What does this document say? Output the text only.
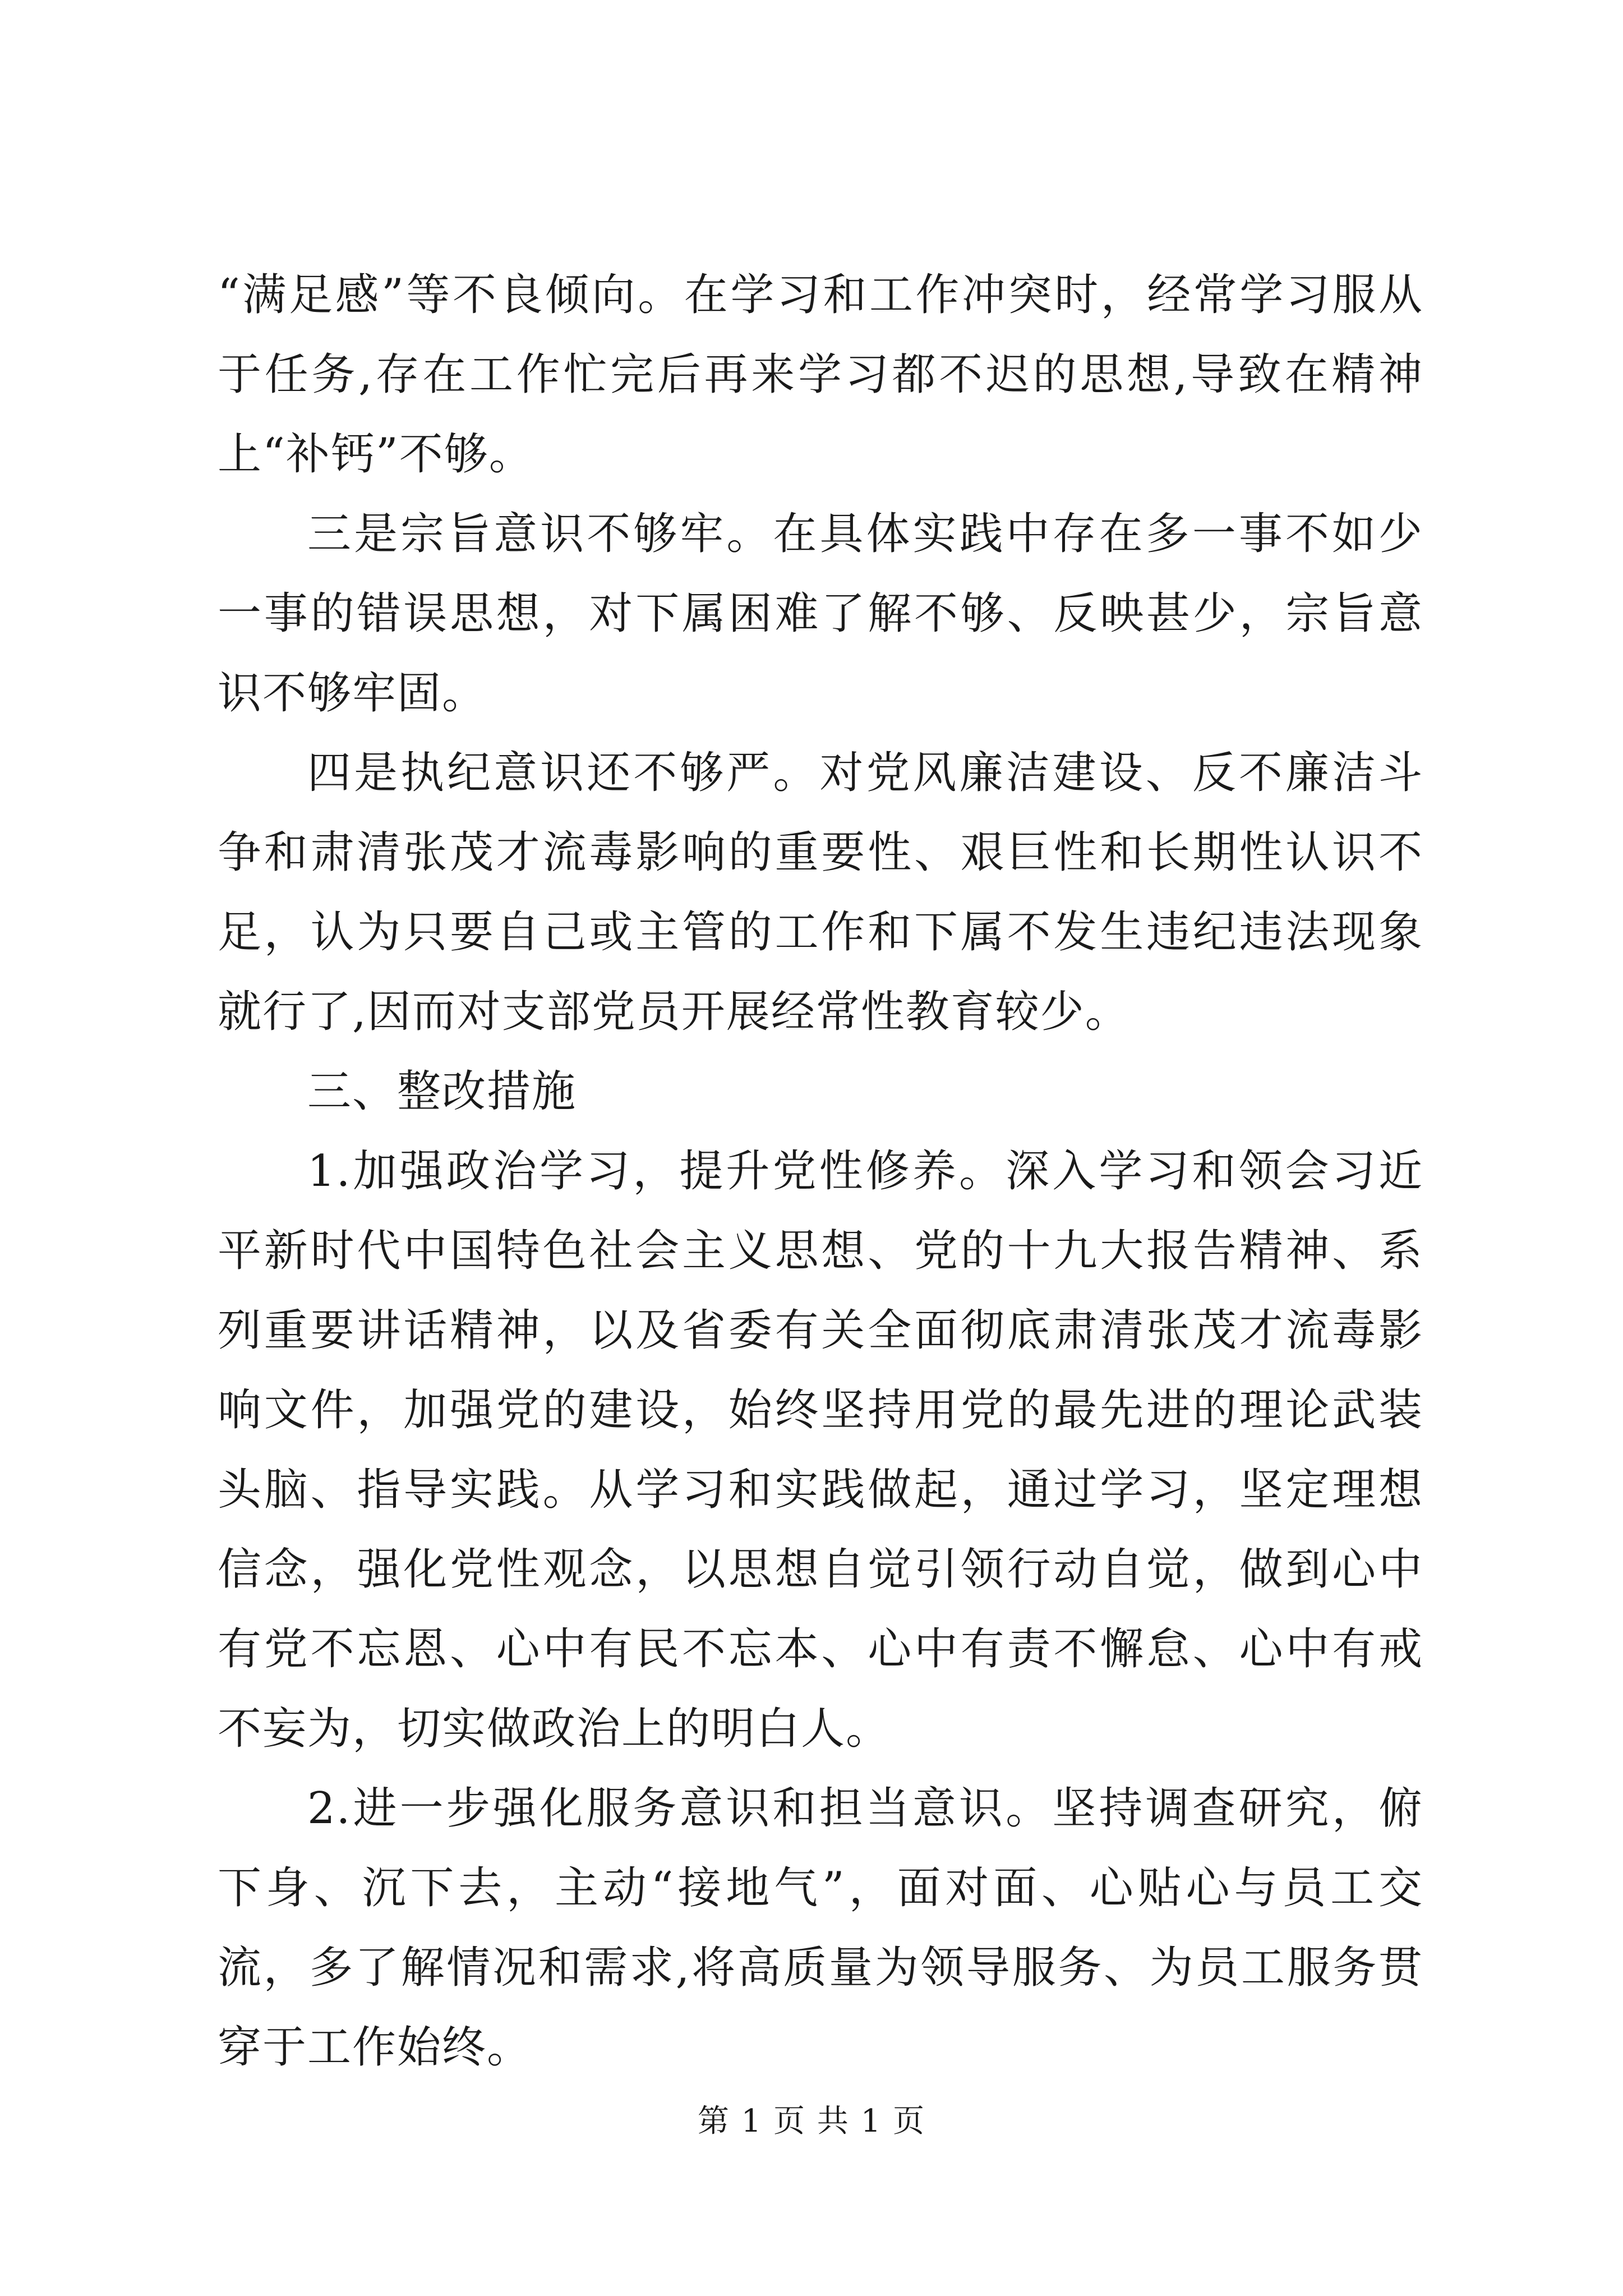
“满足感”等不良倾向。在学习和工作冲突时，经常学习服从于任务,存在工作忙完后再来学习都不迟的思想,导致在精神上“补钙”不够。

三是宗旨意识不够牢。在具体实践中存在多一事不如少一事的错误思想，对下属困难了解不够、反映甚少，宗旨意识不够牢固。

四是执纪意识还不够严。对党风廉洁建设、反不廉洁斗争和肃清张茂才流毒影响的重要性、艰巨性和长期性认识不足，认为只要自己或主管的工作和下属不发生违纪违法现象就行了,因而对支部党员开展经常性教育较少。

三、整改措施

1.加强政治学习，提升党性修养。深入学习和领会习近平新时代中国特色社会主义思想、党的十九大报告精神、系列重要讲话精神，以及省委有关全面彻底肃清张茂才流毒影响文件，加强党的建设，始终坚持用党的最先进的理论武装头脑、指导实践。从学习和实践做起，通过学习，坚定理想信念，强化党性观念，以思想自觉引领行动自觉，做到心中有党不忘恩、心中有民不忘本、心中有责不懈怠、心中有戒不妄为，切实做政治上的明白人。

2.进一步强化服务意识和担当意识。坚持调查研究，俯下身、沉下去，主动“接地气”，面对面、心贴心与员工交流，多了解情况和需求,将高质量为领导服务、为员工服务贯穿于工作始终。

第 1 页 共 1 页
